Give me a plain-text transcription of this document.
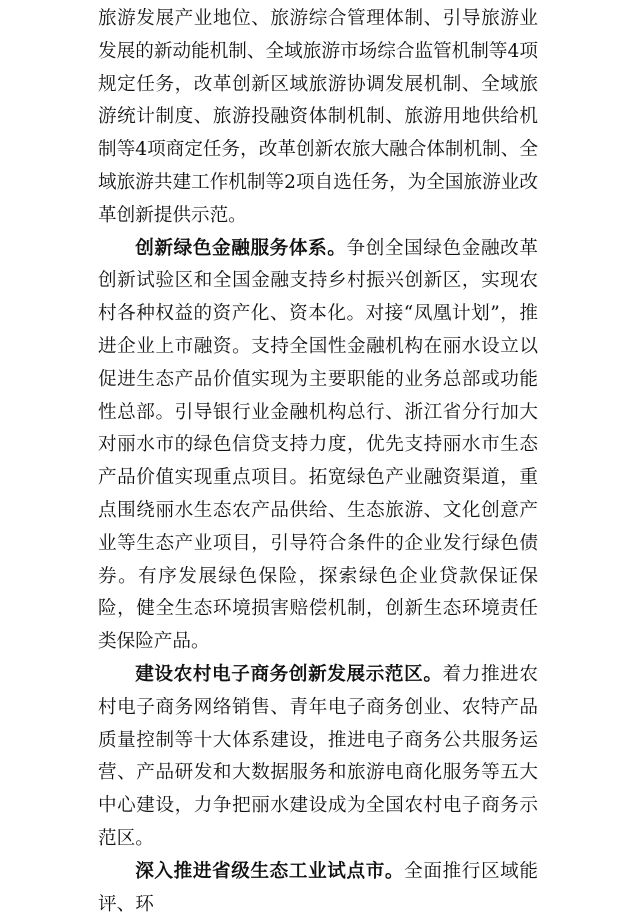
旅游发展产业地位、旅游综合管理体制、引导旅游业发展的新动能机制、全域旅游市场综合监管机制等4项规定任务，改革创新区域旅游协调发展机制、全域旅游统计制度、旅游投融资体制机制、旅游用地供给机制等4项商定任务，改革创新农旅大融合体制机制、全域旅游共建工作机制等2项自选任务，为全国旅游业改革创新提供示范。

创新绿色金融服务体系。争创全国绿色金融改革创新试验区和全国金融支持乡村振兴创新区，实现农村各种权益的资产化、资本化。对接“凤凰计划”，推进企业上市融资。支持全国性金融机构在丽水设立以促进生态产品价值实现为主要职能的业务总部或功能性总部。引导银行业金融机构总行、浙江省分行加大对丽水市的绿色信贷支持力度，优先支持丽水市生态产品价值实现重点项目。拓宽绿色产业融资渠道，重点围绕丽水生态农产品供给、生态旅游、文化创意产业等生态产业项目，引导符合条件的企业发行绿色债券。有序发展绿色保险，探索绿色企业贷款保证保险，健全生态环境损害赔偿机制，创新生态环境责任类保险产品。

建设农村电子商务创新发展示范区。着力推进农村电子商务网络销售、青年电子商务创业、农特产品质量控制等十大体系建设，推进电子商务公共服务运营、产品研发和大数据服务和旅游电商化服务等五大中心建设，力争把丽水建设成为全国农村电子商务示范区。

深入推进省级生态工业试点市。全面推行区域能评、环
